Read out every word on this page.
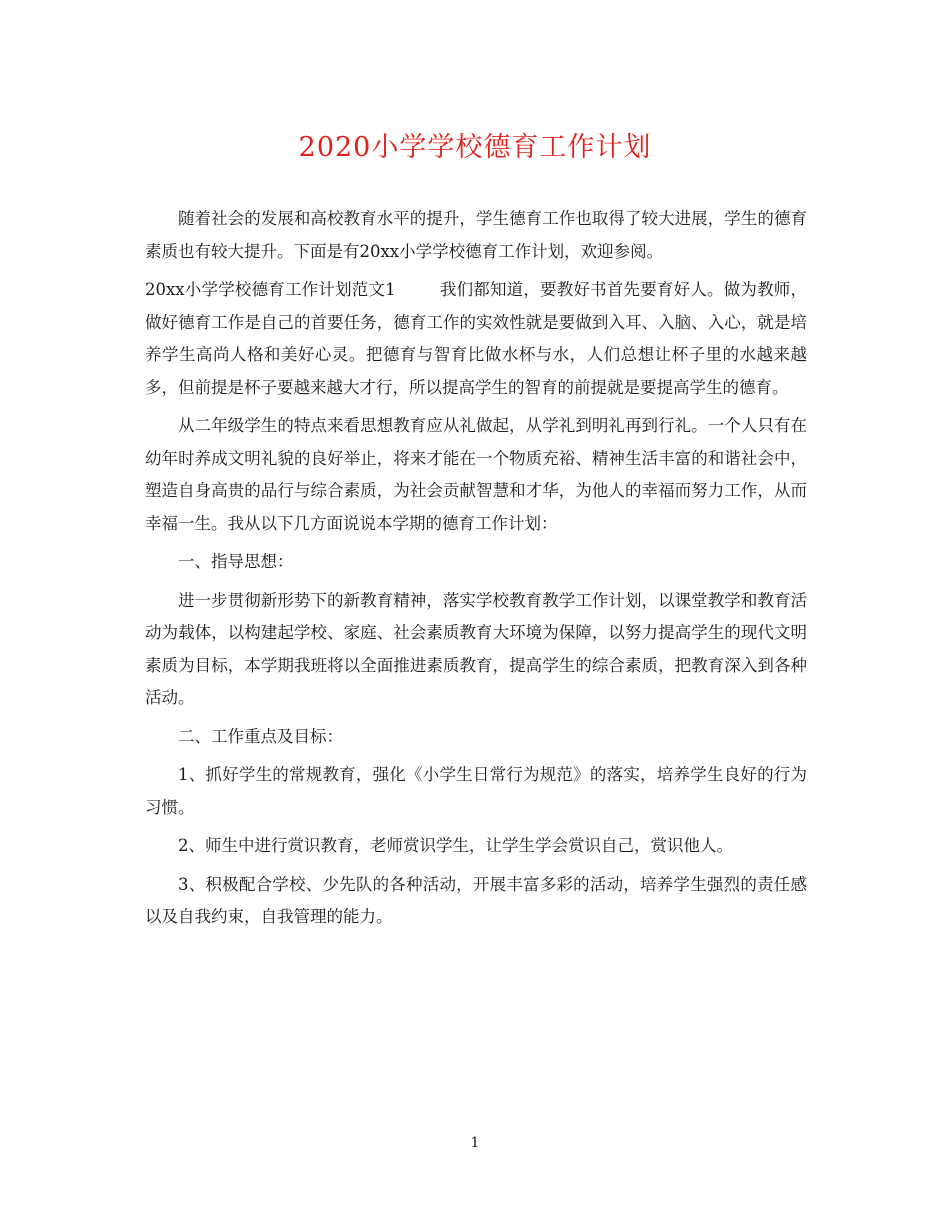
2020小学学校德育工作计划

随着社会的发展和高校教育水平的提升，学生德育工作也取得了较大进展，学生的德育素质也有较大提升。下面是有20xx小学学校德育工作计划，欢迎参阅。

20xx小学学校德育工作计划范文1	我们都知道，要教好书首先要育好人。做为教师，做好德育工作是自己的首要任务，德育工作的实效性就是要做到入耳、入脑、入心，就是培养学生高尚人格和美好心灵。把德育与智育比做水杯与水，人们总想让杯子里的水越来越多，但前提是杯子要越来越大才行，所以提高学生的智育的前提就是要提高学生的德育。

从二年级学生的特点来看思想教育应从礼做起，从学礼到明礼再到行礼。一个人只有在幼年时养成文明礼貌的良好举止，将来才能在一个物质充裕、精神生活丰富的和谐社会中，塑造自身高贵的品行与综合素质，为社会贡献智慧和才华，为他人的幸福而努力工作，从而幸福一生。我从以下几方面说说本学期的德育工作计划：

一、指导思想：

进一步贯彻新形势下的新教育精神，落实学校教育教学工作计划，以课堂教学和教育活动为载体，以构建起学校、家庭、社会素质教育大环境为保障，以努力提高学生的现代文明素质为目标，本学期我班将以全面推进素质教育，提高学生的综合素质，把教育深入到各种活动。

二、工作重点及目标：

1、抓好学生的常规教育，强化《小学生日常行为规范》的落实，培养学生良好的行为习惯。

2、师生中进行赏识教育，老师赏识学生，让学生学会赏识自己，赏识他人。

3、积极配合学校、少先队的各种活动，开展丰富多彩的活动，培养学生强烈的责任感以及自我约束，自我管理的能力。

1
